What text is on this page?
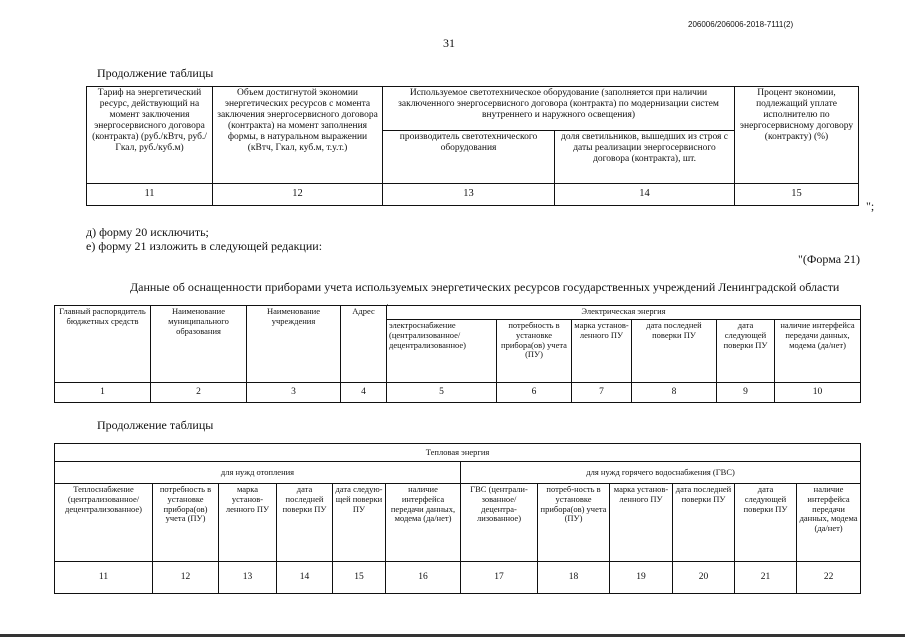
206006/206006-2018-7111(2)
31
Продолжение таблицы
Тариф на энергетический ресурс, действующий на момент заключения энергосервисного договора (контракта) (руб./кВтч, руб./Гкал, руб./куб.м)	Объем достигнутой экономии энергетических ресурсов с момента заключения энергосервисного договора (контракта) на момент заполнения формы, в натуральном выражении (кВтч, Гкал, куб.м, т.у.т.)	Используемое светотехническое оборудование (заполняется при наличии заключенного энергосервисного договора (контракта) по модернизации систем внутреннего и наружного освещения)		Процент экономии, подлежащий уплате исполнителю по энергосервисному договору (контракту) (%)
		производитель светотехнического оборудования	доля светильников, вышедших из строя с даты реализации энергосервисного договора (контракта), шт.	
11	12	13	14	15
";
д) форму 20 исключить;
е) форму 21 изложить в следующей редакции:
"(Форма 21)
Данные об оснащенности приборами учета используемых энергетических ресурсов государственных учреждений Ленинградской области
'
Главный распорядитель бюджетных средств	Наименование муниципального образования	Наименование учреждения	Адрес	Электрическая энергия					
				электроснабжение (централизованное/ децентрализованное)	потребность в установке прибора(ов) учета (ПУ)	марка установ-ленного ПУ	дата последней поверки ПУ	дата следующей поверки ПУ	наличие интерфейса передачи данных, модема (да/нет)
1	2	3	4	5	6	7	8	9	10
Продолжение таблицы
Тепловая энергия											
для нужд отопления						для нужд горячего водоснабжения (ГВС)					
Теплоснабжение (централизованное/ децентрализованное)	потребность в установке прибора(ов) учета (ПУ)	марка установ-ленного ПУ	дата последней поверки ПУ	дата следую-щей поверки ПУ	наличие интерфейса передачи данных, модема (да/нет)	ГВС (централи-зованное/ децентра-лизованное)	потреб-ность в установке прибора(ов) учета (ПУ)	марка установ-ленного ПУ	дата последней поверки ПУ	дата следующей поверки ПУ	наличие интерфейса передачи данных, модема (да/нет)
11	12	13	14	15	16	17	18	19	20	21	22
